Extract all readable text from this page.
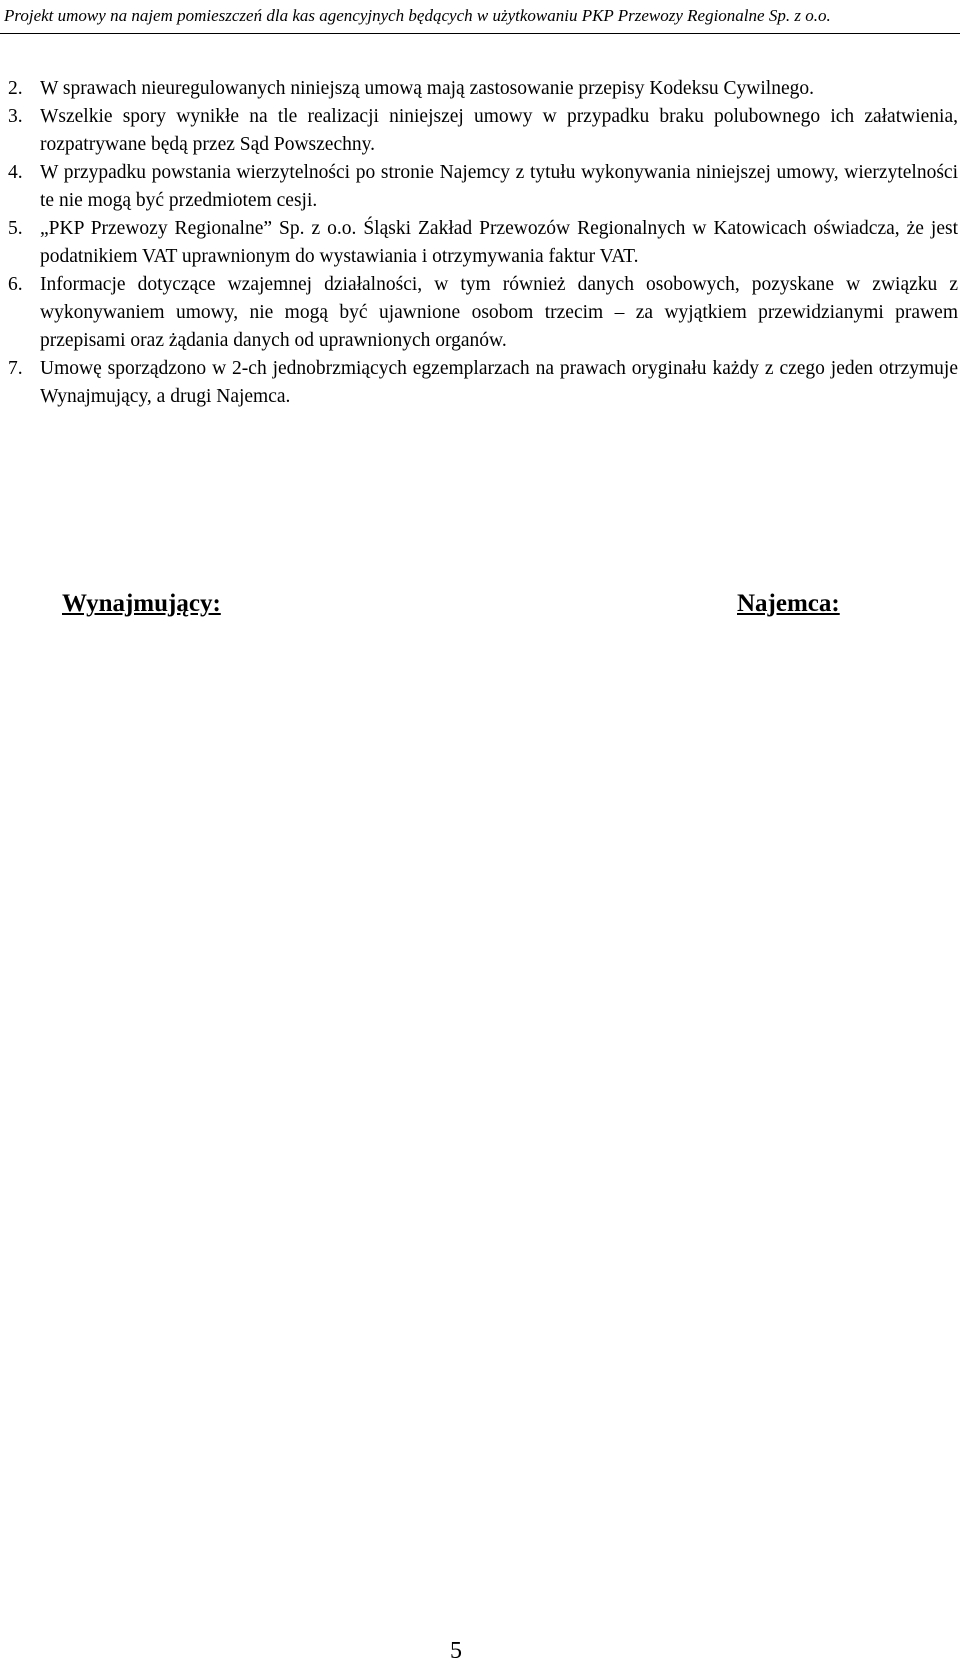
Projekt umowy na najem pomieszczeń dla kas agencyjnych będących w użytkowaniu PKP Przewozy Regionalne Sp. z o.o.
2. W sprawach nieuregulowanych niniejszą umową mają zastosowanie przepisy Kodeksu Cywilnego.
3. Wszelkie spory wynikłe na tle realizacji niniejszej umowy w przypadku braku polubownego ich załatwienia, rozpatrywane będą przez Sąd Powszechny.
4. W przypadku powstania wierzytelności po stronie Najemcy z tytułu wykonywania niniejszej umowy, wierzytelności te nie mogą być przedmiotem cesji.
5. „PKP Przewozy Regionalne” Sp. z o.o. Śląski Zakład Przewozów Regionalnych w Katowicach oświadcza, że jest podatnikiem VAT uprawnionym do wystawiania i otrzymywania faktur VAT.
6. Informacje dotyczące wzajemnej działalności, w tym również danych osobowych, pozyskane w związku z wykonywaniem umowy, nie mogą być ujawnione osobom trzecim – za wyjątkiem przewidzianymi prawem przepisami oraz żądania danych od uprawnionych organów.
7. Umowę sporządzono w 2-ch jednobrzmiących egzemplarzach na prawach oryginału każdy z czego jeden otrzymuje Wynajmujący, a drugi Najemca.
Wynajmujący:	Najemca:
5
